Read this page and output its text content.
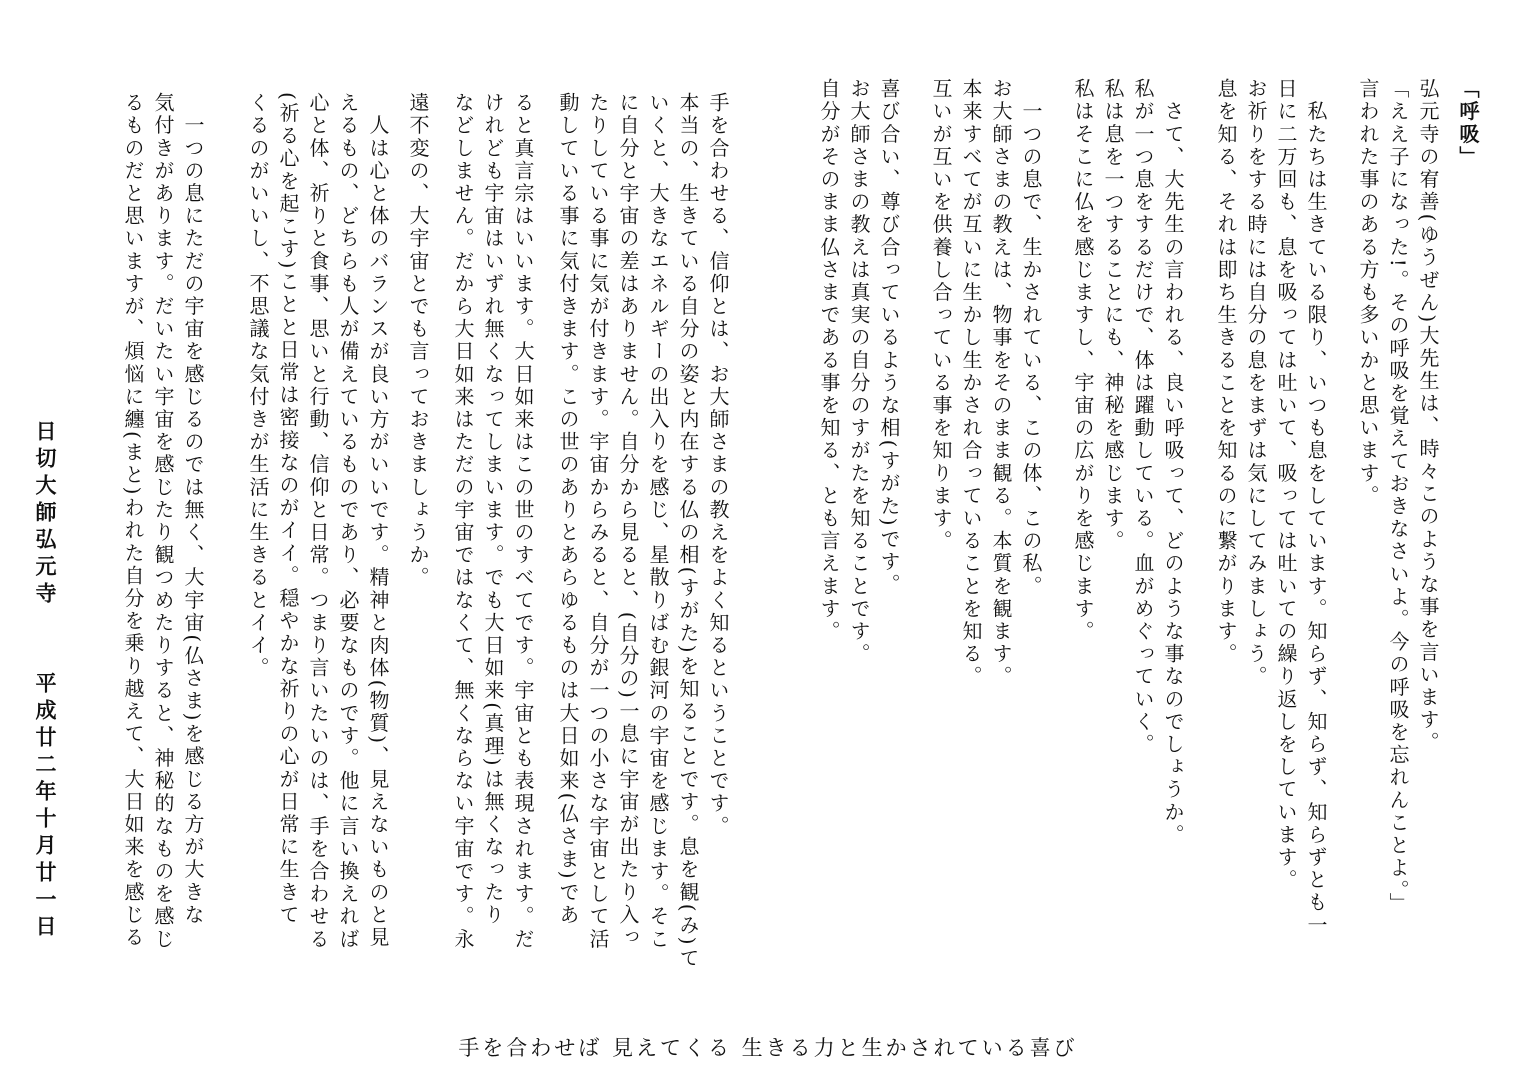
「呼吸」
弘元寺の宥善(ゆうぜん)大先生は、時々このような事を言います。
「ええ子になった!。その呼吸を覚えておきなさいよ。今の呼吸を忘れんことよ。」
言われた事のある方も多いかと思います。
　私たちは生きている限り、いつも息をしています。知らず、知らず、知らずとも一
日に二万回も、息を吸っては吐いて、吸っては吐いての繰り返しをしています。
お祈りをする時には自分の息をまずは気にしてみましょう。
息を知る、それは即ち生きることを知るのに繋がります。
　さて、大先生の言われる、良い呼吸って、どのような事なのでしょうか。
私が一つ息をするだけで、体は躍動している。血がめぐっていく。
私は息を一つすることにも、神秘を感じます。
私はそこに仏を感じますし、宇宙の広がりを感じます。
　一つの息で、生かされている、この体、この私。
お大師さまの教えは、物事をそのまま観る。本質を観ます。
本来すべてが互いに生かし生かされ合っていることを知る。
互いが互いを供養し合っている事を知ります。
喜び合い、尊び合っているような相(すがた)です。
お大師さまの教えは真実の自分のすがたを知ることです。
自分がそのまま仏さまである事を知る、とも言えます。
手を合わせる、信仰とは、お大師さまの教えをよく知るということです。
本当の、生きている自分の姿と内在する仏の相(すがた)を知ることです。息を観(み)て
いくと、大きなエネルギーの出入りを感じ、星散りばむ銀河の宇宙を感じます。そこ
に自分と宇宙の差はありません。自分から見ると、(自分の)一息に宇宙が出たり入っ
たりしている事に気が付きます。宇宙からみると、自分が一つの小さな宇宙として活
動している事に気付きます。この世のありとあらゆるものは大日如来(仏さま)であ
ると真言宗はいいます。大日如来はこの世のすべてです。宇宙とも表現されます。だ
けれども宇宙はいずれ無くなってしまいます。でも大日如来(真理)は無くなったり
などしません。だから大日如来はただの宇宙ではなくて、無くならない宇宙です。永
遠不変の、大宇宙とでも言っておきましょうか。
　人は心と体のバランスが良い方がいいです。精神と肉体(物質)、見えないものと見
えるもの、どちらも人が備えているものであり、必要なものです。他に言い換えれば
心と体、祈りと食事、思いと行動、信仰と日常。つまり言いたいのは、手を合わせる
(祈る心を起こす)ことと日常は密接なのがイイ。穏やかな祈りの心が日常に生きて
くるのがいいし、不思議な気付きが生活に生きるとイイ。
　一つの息にただの宇宙を感じるのでは無く、大宇宙(仏さま)を感じる方が大きな
気付きがあります。だいたい宇宙を感じたり観つめたりすると、神秘的なものを感じ
るものだと思いますが、煩悩に纏(まと)われた自分を乗り越えて、大日如来を感じる
日切大師弘元寺
平成廿二年十月廿一日
手を合わせば 見えてくる 生きる力と生かされている喜び
